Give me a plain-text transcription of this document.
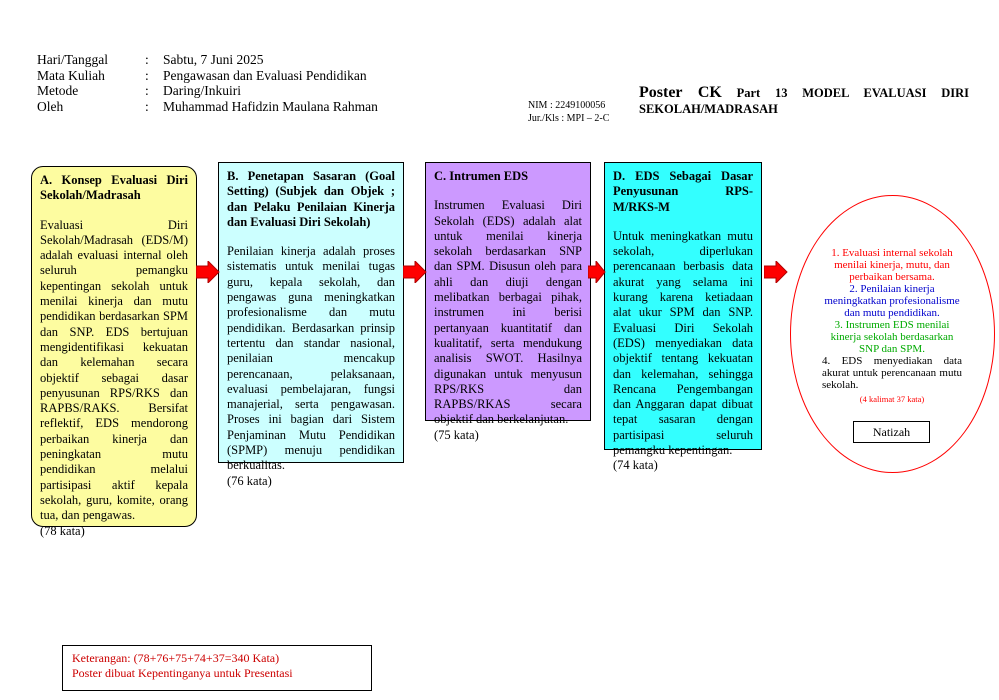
Hari/Tanggal	:	Sabtu, 7 Juni 2025
Mata Kuliah	:	Pengawasan dan Evaluasi Pendidikan
Metode	:	Daring/Inkuiri
Oleh	:	Muhammad Hafidzin Maulana Rahman	NIM : 2249100056
Jur./Kls : MPI – 2-C
Poster CK Part 13 MODEL EVALUASI DIRI SEKOLAH/MADRASAH
A. Konsep Evaluasi Diri Sekolah/Madrasah
Evaluasi Diri Sekolah/Madrasah (EDS/M) adalah evaluasi internal oleh seluruh pemangku kepentingan sekolah untuk menilai kinerja dan mutu pendidikan berdasarkan SPM dan SNP. EDS bertujuan mengidentifikasi kekuatan dan kelemahan secara objektif sebagai dasar penyusunan RPS/RKS dan RAPBS/RAKS. Bersifat reflektif, EDS mendorong perbaikan kinerja dan peningkatan mutu pendidikan melalui partisipasi aktif kepala sekolah, guru, komite, orang tua, dan pengawas.
(78 kata)
B. Penetapan Sasaran (Goal Setting) (Subjek dan Objek ; dan Pelaku Penilaian Kinerja dan Evaluasi Diri Sekolah)
Penilaian kinerja adalah proses sistematis untuk menilai tugas guru, kepala sekolah, dan pengawas guna meningkatkan profesionalisme dan mutu pendidikan. Berdasarkan prinsip tertentu dan standar nasional, penilaian mencakup perencanaan, pelaksanaan, evaluasi pembelajaran, fungsi manajerial, serta pengawasan. Proses ini bagian dari Sistem Penjaminan Mutu Pendidikan (SPMP) menuju pendidikan berkualitas.
(76 kata)
C. Intrumen EDS
Instrumen Evaluasi Diri Sekolah (EDS) adalah alat untuk menilai kinerja sekolah berdasarkan SNP dan SPM. Disusun oleh para ahli dan diuji dengan melibatkan berbagai pihak, instrumen ini berisi pertanyaan kuantitatif dan kualitatif, serta mendukung analisis SWOT. Hasilnya digunakan untuk menyusun RPS/RKS dan RAPBS/RKAS secara objektif dan berkelanjutan.
(75 kata)
D. EDS Sebagai Dasar Penyusunan RPS-M/RKS-M
Untuk meningkatkan mutu sekolah, diperlukan perencanaan berbasis data akurat yang selama ini kurang karena ketiadaan alat ukur SPM dan SNP. Evaluasi Diri Sekolah (EDS) menyediakan data objektif tentang kekuatan dan kelemahan, sehingga Rencana Pengembangan dan Anggaran dapat dibuat tepat sasaran dengan partisipasi seluruh pemangku kepentingan.
(74 kata)
1. Evaluasi internal sekolah menilai kinerja, mutu, dan perbaikan bersama.
2. Penilaian kinerja meningkatkan profesionalisme dan mutu pendidikan.
3. Instrumen EDS menilai kinerja sekolah berdasarkan SNP dan SPM.
4. EDS menyediakan data akurat untuk perencanaan mutu sekolah.
(4 kalimat 37 kata)
Natizah
Keterangan: (78+76+75+74+37=340 Kata)
Poster dibuat Kepentinganya untuk Presentasi
